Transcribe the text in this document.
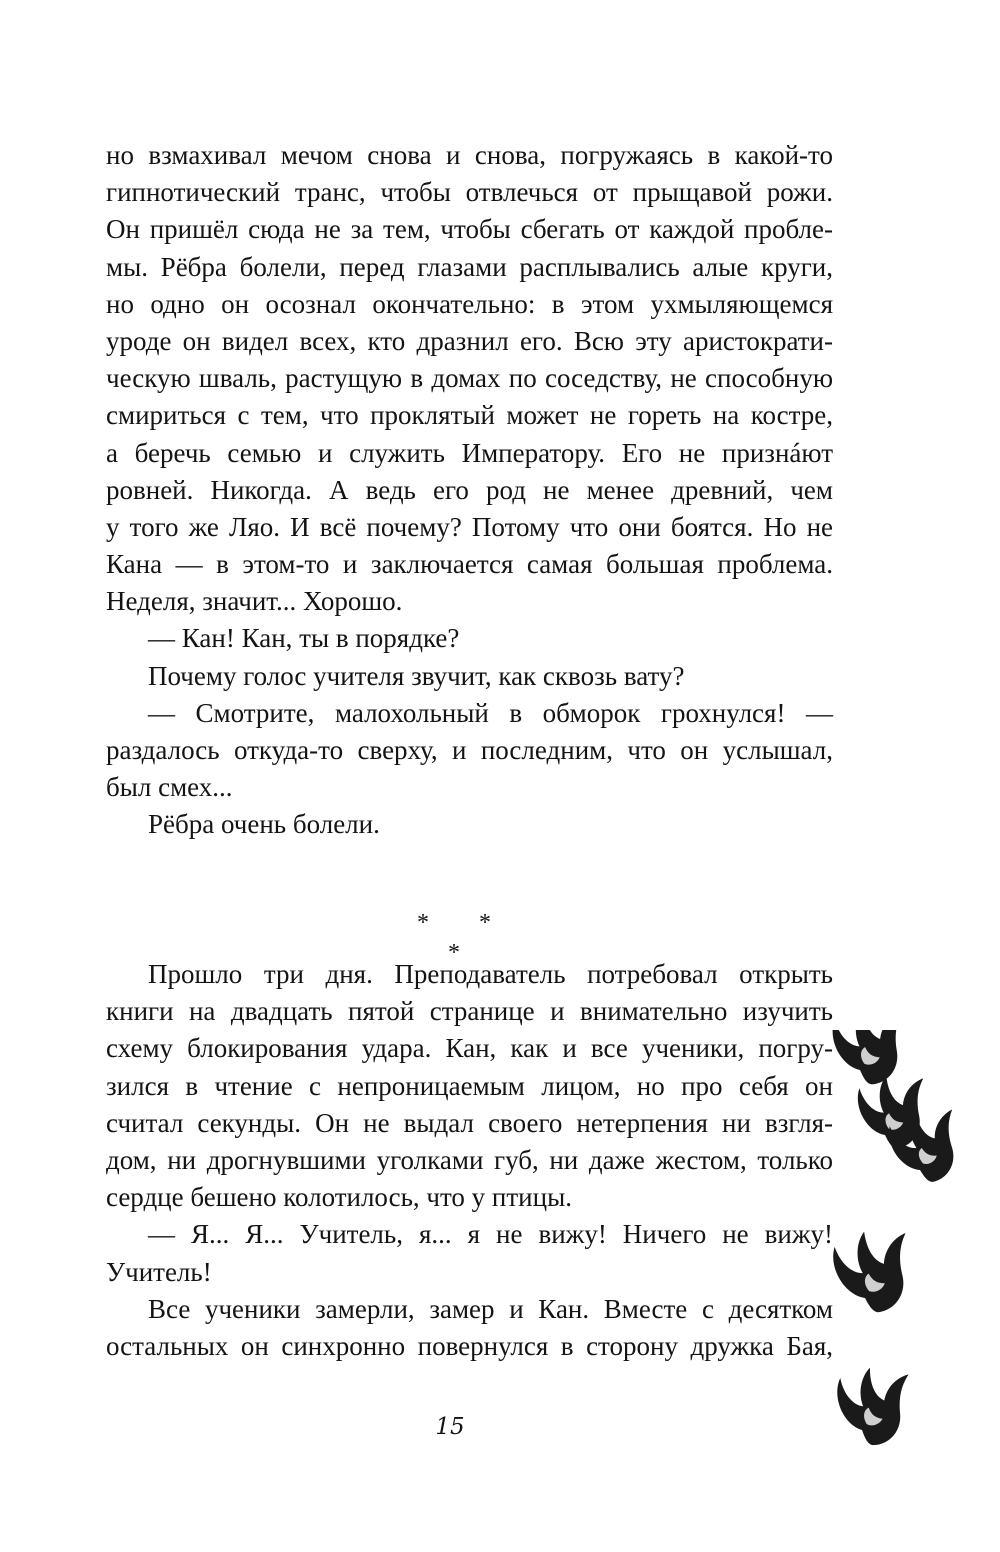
но взмахивал мечом снова и снова, погружаясь в какой-то
гипнотический транс, чтобы отвлечься от прыщавой рожи.
Он пришёл сюда не за тем, чтобы сбегать от каждой пробле-
мы. Рёбра болели, перед глазами расплывались алые круги,
но одно он осознал окончательно: в этом ухмыляющемся
уроде он видел всех, кто дразнил его. Всю эту аристократи-
ческую шваль, растущую в домах по соседству, не способную
смириться с тем, что проклятый может не гореть на костре,
а беречь семью и служить Императору. Его не признáют
ровней. Никогда. А ведь его род не менее древний, чем
у того же Ляо. И всё почему? Потому что они боятся. Но не
Кана — в этом-то и заключается самая большая проблема.
Неделя, значит... Хорошо.
— Кан! Кан, ты в порядке?
Почему голос учителя звучит, как сквозь вату?
— Смотрите, малохольный в обморок грохнулся! —
раздалось откуда-то сверху, и последним, что он услышал,
был смех...
Рёбра очень болели.
* * *
Прошло три дня. Преподаватель потребовал открыть
книги на двадцать пятой странице и внимательно изучить
схему блокирования удара. Кан, как и все ученики, погру-
зился в чтение с непроницаемым лицом, но про себя он
считал секунды. Он не выдал своего нетерпения ни взгля-
дом, ни дрогнувшими уголками губ, ни даже жестом, только
сердце бешено колотилось, что у птицы.
— Я... Я... Учитель, я... я не вижу! Ничего не вижу!
Учитель!
Все ученики замерли, замер и Кан. Вместе с десятком
остальных он синхронно повернулся в сторону дружка Бая,
15
